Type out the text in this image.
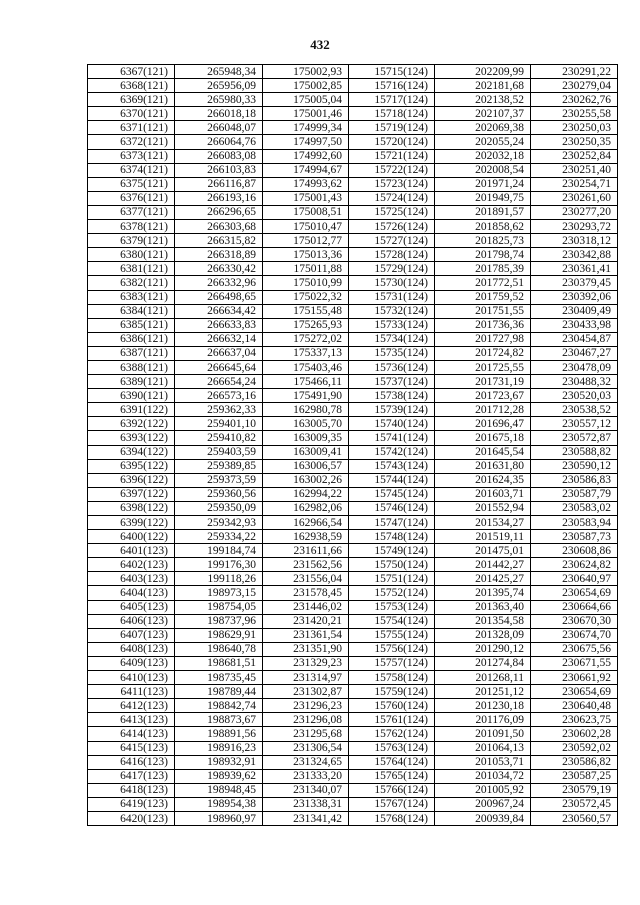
432
6367(121)	265948,34	175002,93	15715(124)	202209,99	230291,22
6368(121)	265956,09	175002,85	15716(124)	202181,68	230279,04
6369(121)	265980,33	175005,04	15717(124)	202138,52	230262,76
6370(121)	266018,18	175001,46	15718(124)	202107,37	230255,58
6371(121)	266048,07	174999,34	15719(124)	202069,38	230250,03
6372(121)	266064,76	174997,50	15720(124)	202055,24	230250,35
6373(121)	266083,08	174992,60	15721(124)	202032,18	230252,84
6374(121)	266103,83	174994,67	15722(124)	202008,54	230251,40
6375(121)	266116,87	174993,62	15723(124)	201971,24	230254,71
6376(121)	266193,16	175001,43	15724(124)	201949,75	230261,60
6377(121)	266296,65	175008,51	15725(124)	201891,57	230277,20
6378(121)	266303,68	175010,47	15726(124)	201858,62	230293,72
6379(121)	266315,82	175012,77	15727(124)	201825,73	230318,12
6380(121)	266318,89	175013,36	15728(124)	201798,74	230342,88
6381(121)	266330,42	175011,88	15729(124)	201785,39	230361,41
6382(121)	266332,96	175010,99	15730(124)	201772,51	230379,45
6383(121)	266498,65	175022,32	15731(124)	201759,52	230392,06
6384(121)	266634,42	175155,48	15732(124)	201751,55	230409,49
6385(121)	266633,83	175265,93	15733(124)	201736,36	230433,98
6386(121)	266632,14	175272,02	15734(124)	201727,98	230454,87
6387(121)	266637,04	175337,13	15735(124)	201724,82	230467,27
6388(121)	266645,64	175403,46	15736(124)	201725,55	230478,09
6389(121)	266654,24	175466,11	15737(124)	201731,19	230488,32
6390(121)	266573,16	175491,90	15738(124)	201723,67	230520,03
6391(122)	259362,33	162980,78	15739(124)	201712,28	230538,52
6392(122)	259401,10	163005,70	15740(124)	201696,47	230557,12
6393(122)	259410,82	163009,35	15741(124)	201675,18	230572,87
6394(122)	259403,59	163009,41	15742(124)	201645,54	230588,82
6395(122)	259389,85	163006,57	15743(124)	201631,80	230590,12
6396(122)	259373,59	163002,26	15744(124)	201624,35	230586,83
6397(122)	259360,56	162994,22	15745(124)	201603,71	230587,79
6398(122)	259350,09	162982,06	15746(124)	201552,94	230583,02
6399(122)	259342,93	162966,54	15747(124)	201534,27	230583,94
6400(122)	259334,22	162938,59	15748(124)	201519,11	230587,73
6401(123)	199184,74	231611,66	15749(124)	201475,01	230608,86
6402(123)	199176,30	231562,56	15750(124)	201442,27	230624,82
6403(123)	199118,26	231556,04	15751(124)	201425,27	230640,97
6404(123)	198973,15	231578,45	15752(124)	201395,74	230654,69
6405(123)	198754,05	231446,02	15753(124)	201363,40	230664,66
6406(123)	198737,96	231420,21	15754(124)	201354,58	230670,30
6407(123)	198629,91	231361,54	15755(124)	201328,09	230674,70
6408(123)	198640,78	231351,90	15756(124)	201290,12	230675,56
6409(123)	198681,51	231329,23	15757(124)	201274,84	230671,55
6410(123)	198735,45	231314,97	15758(124)	201268,11	230661,92
6411(123)	198789,44	231302,87	15759(124)	201251,12	230654,69
6412(123)	198842,74	231296,23	15760(124)	201230,18	230640,48
6413(123)	198873,67	231296,08	15761(124)	201176,09	230623,75
6414(123)	198891,56	231295,68	15762(124)	201091,50	230602,28
6415(123)	198916,23	231306,54	15763(124)	201064,13	230592,02
6416(123)	198932,91	231324,65	15764(124)	201053,71	230586,82
6417(123)	198939,62	231333,20	15765(124)	201034,72	230587,25
6418(123)	198948,45	231340,07	15766(124)	201005,92	230579,19
6419(123)	198954,38	231338,31	15767(124)	200967,24	230572,45
6420(123)	198960,97	231341,42	15768(124)	200939,84	230560,57
